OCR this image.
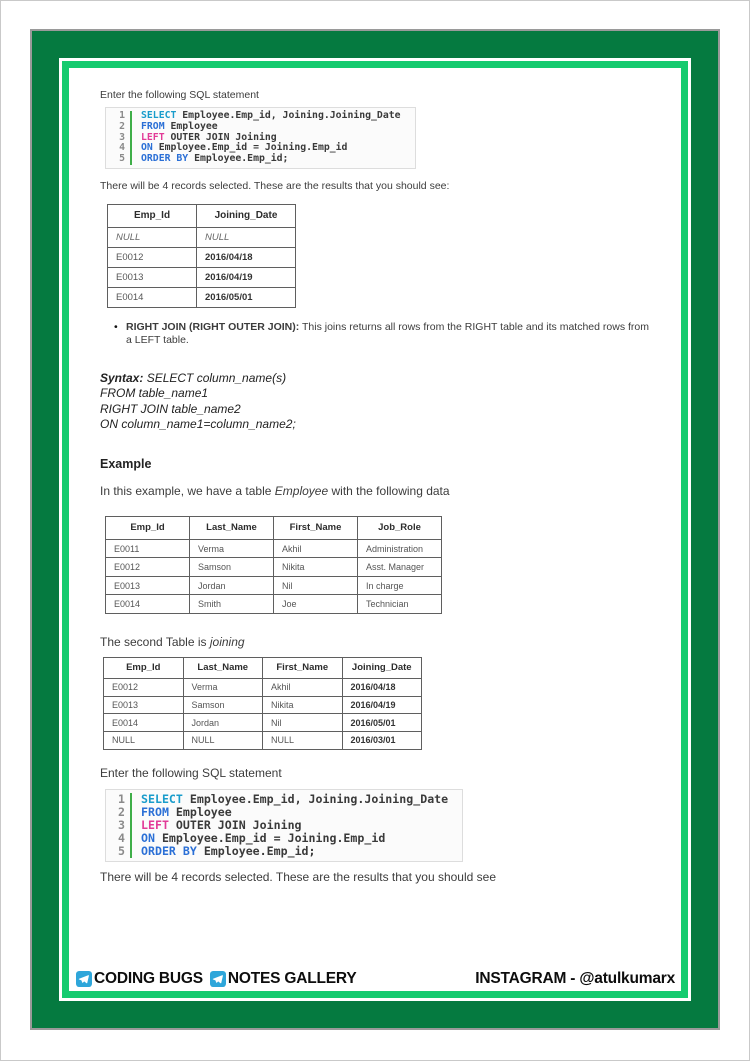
Enter the following SQL statement

1	SELECT Employee.Emp_id, Joining.Joining_Date
2	FROM Employee
3	LEFT OUTER JOIN Joining
4	ON Employee.Emp_id = Joining.Emp_id
5	ORDER BY Employee.Emp_id;

There will be 4 records selected. These are the results that you should see:

Emp_Id	Joining_Date
NULL	NULL
E0012	2016/04/18
E0013	2016/04/19
E0014	2016/05/01
• RIGHT JOIN (RIGHT OUTER JOIN): This joins returns all rows from the RIGHT table and its matched rows from a LEFT table.
Syntax: SELECT column_name(s)
FROM table_name1
RIGHT JOIN table_name2
ON column_name1=column_name2;

Example

In this example, we have a table Employee with the following data

Emp_Id	Last_Name	First_Name	Job_Role
E0011	Verma	Akhil	Administration
E0012	Samson	Nikita	Asst. Manager
E0013	Jordan	Nil	In charge
E0014	Smith	Joe	Technician

The second Table is joining

Emp_Id	Last_Name	First_Name	Joining_Date
E0012	Verma	Akhil	2016/04/18
E0013	Samson	Nikita	2016/04/19
E0014	Jordan	Nil	2016/05/01
NULL	NULL	NULL	2016/03/01

Enter the following SQL statement

1	SELECT Employee.Emp_id, Joining.Joining_Date
2	FROM Employee
3	LEFT OUTER JOIN Joining
4	ON Employee.Emp_id = Joining.Emp_id
5	ORDER BY Employee.Emp_id;

There will be 4 records selected. These are the results that you should see

CODING BUGS NOTES GALLERY	INSTAGRAM - @atulkumarx
